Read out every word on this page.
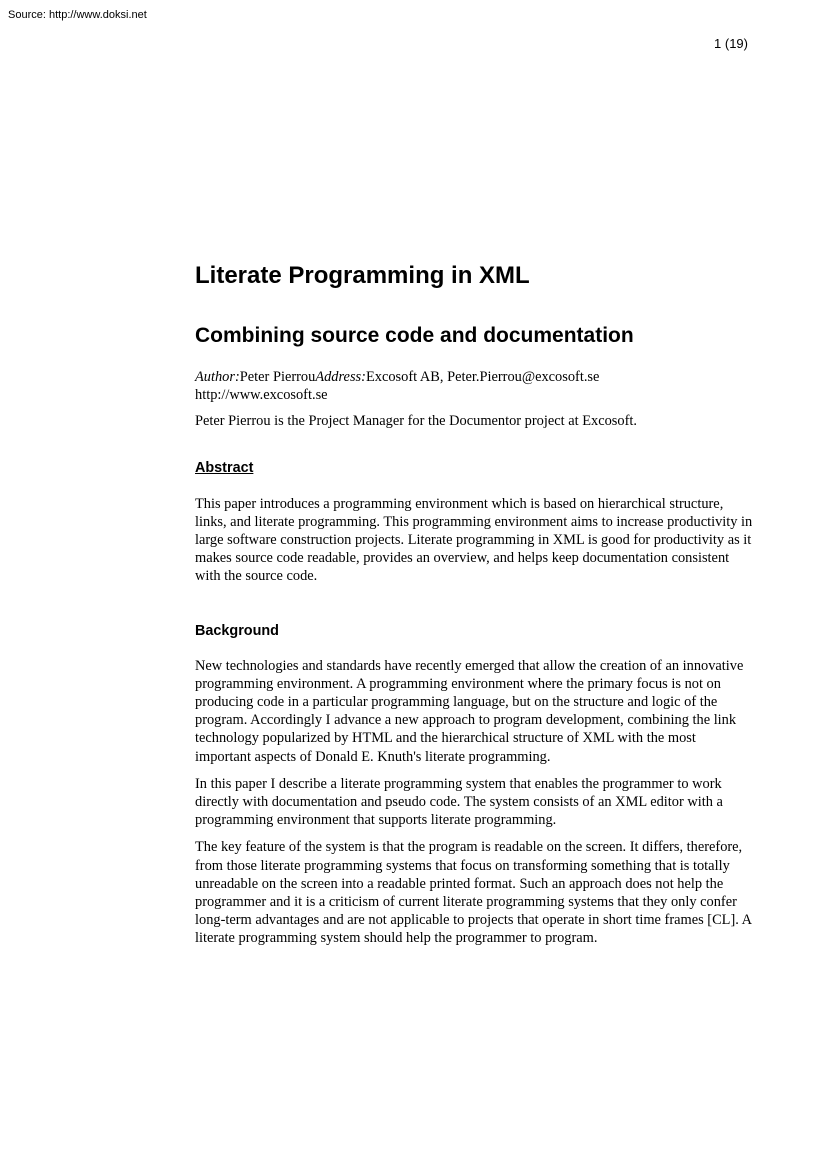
Source: http://www.doksi.net
1 (19)
Literate Programming in XML
Combining source code and documentation
Author:Peter PierrouAddress:Excosoft AB, Peter.Pierrou@excosoft.se
http://www.excosoft.se

Peter Pierrou is the Project Manager for the Documentor project at Excosoft.

Abstract

This paper introduces a programming environment which is based on hierarchical structure, links, and literate programming. This programming environment aims to increase productivity in large software construction projects. Literate programming in XML is good for productivity as it makes source code readable, provides an overview, and helps keep documentation consistent with the source code.

Background

New technologies and standards have recently emerged that allow the creation of an innovative programming environment. A programming environment where the primary focus is not on producing code in a particular programming language, but on the structure and logic of the program. Accordingly I advance a new approach to program development, combining the link technology popularized by HTML and the hierarchical structure of XML with the most important aspects of Donald E. Knuth's literate programming.

In this paper I describe a literate programming system that enables the programmer to work directly with documentation and pseudo code. The system consists of an XML editor with a programming environment that supports literate programming.

The key feature of the system is that the program is readable on the screen. It differs, therefore, from those literate programming systems that focus on transforming something that is totally unreadable on the screen into a readable printed format. Such an approach does not help the programmer and it is a criticism of current literate programming systems that they only confer long-term advantages and are not applicable to projects that operate in short time frames [CL]. A literate programming system should help the programmer to program.
